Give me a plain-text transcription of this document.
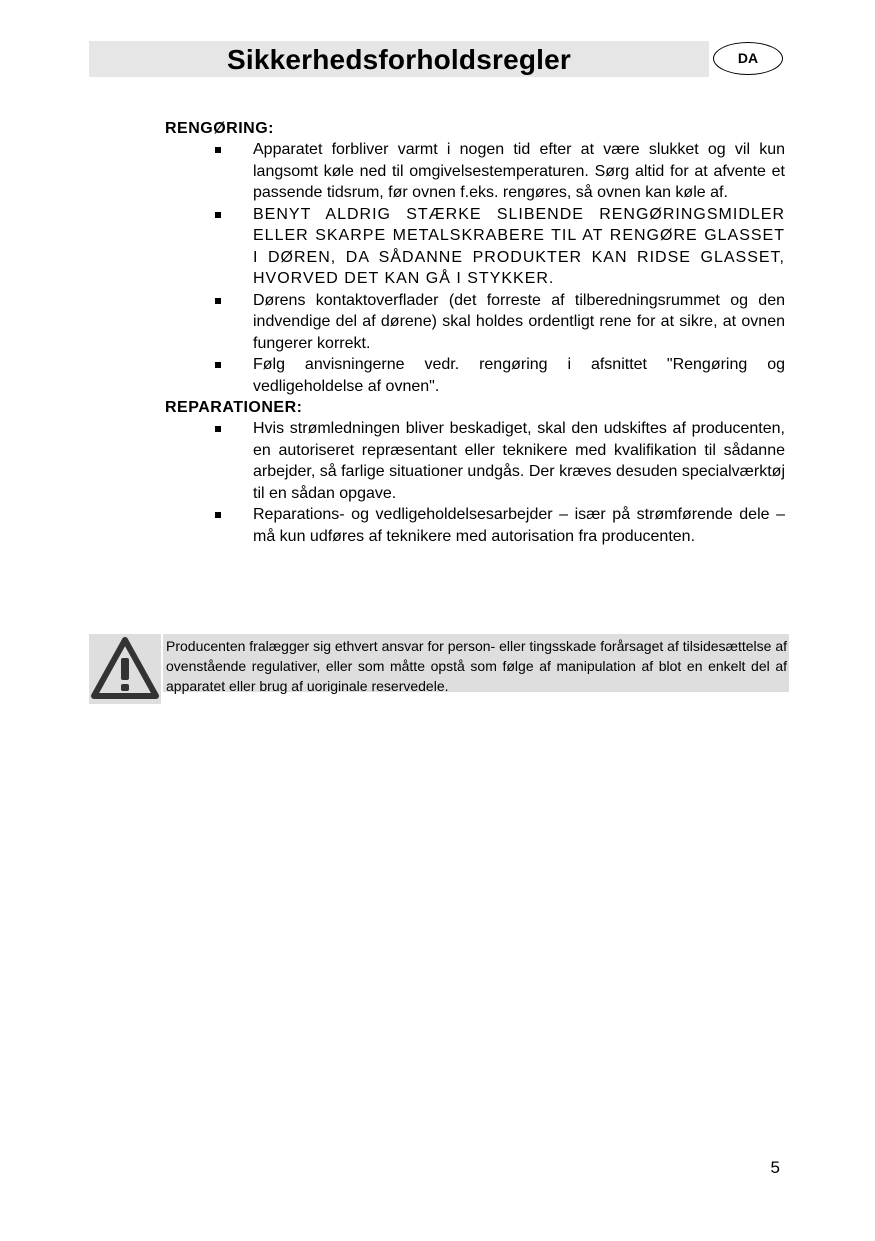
Sikkerhedsforholdsregler	DA
RENGØRING:
Apparatet forbliver varmt i nogen tid efter at være slukket og vil kun langsomt køle ned til omgivelsestemperaturen. Sørg altid for at afvente et passende tidsrum, før ovnen f.eks. rengøres, så ovnen kan køle af.
BENYT ALDRIG STÆRKE SLIBENDE RENGØRINGSMIDLER ELLER SKARPE METALSKRABERE TIL AT RENGØRE GLASSET I DØREN, DA SÅDANNE PRODUKTER KAN RIDSE GLASSET, HVORVED DET KAN GÅ I STYKKER.
Dørens kontaktoverflader (det forreste af tilberedningsrummet og den indvendige del af dørene) skal holdes ordentligt rene for at sikre, at ovnen fungerer korrekt.
Følg anvisningerne vedr. rengøring i afsnittet "Rengøring og vedligeholdelse af ovnen".
REPARATIONER:
Hvis strømledningen bliver beskadiget, skal den udskiftes af producenten, en autoriseret repræsentant eller teknikere med kvalifikation til sådanne arbejder, så farlige situationer undgås. Der kræves desuden specialværktøj til en sådan opgave.
Reparations- og vedligeholdelsesarbejder – især på strømførende dele – må kun udføres af teknikere med autorisation fra producenten.
Producenten fralægger sig ethvert ansvar for person- eller tingsskade forårsaget af tilsidesættelse af ovenstående regulativer, eller som måtte opstå som følge af manipulation af blot en enkelt del af apparatet eller brug af uoriginale reservedele.
5
